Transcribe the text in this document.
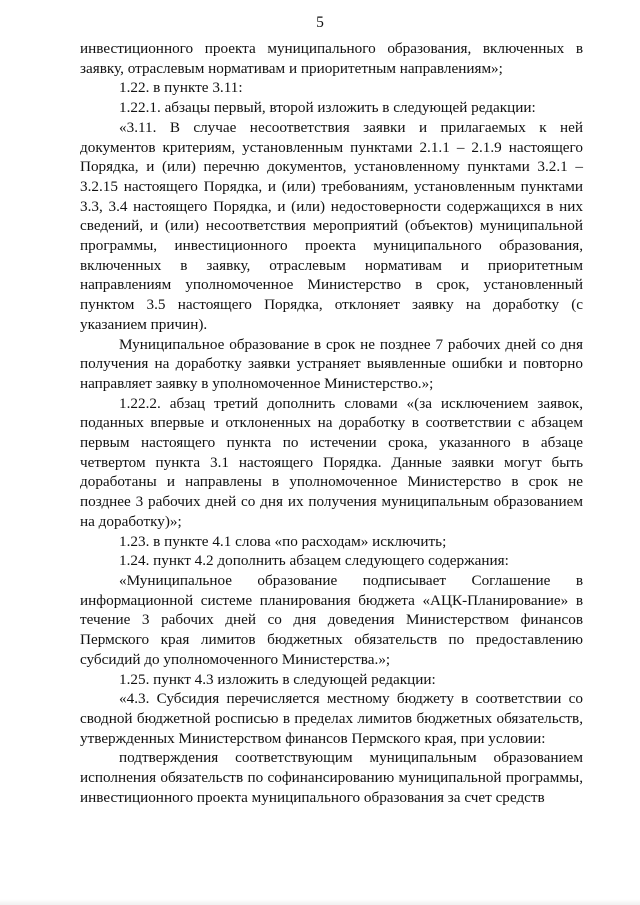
5

инвестиционного проекта муниципального образования, включенных в заявку, отраслевым нормативам и приоритетным направлениям»;

1.22. в пункте 3.11:

1.22.1. абзацы первый, второй изложить в следующей редакции:

«3.11. В случае несоответствия заявки и прилагаемых к ней документов критериям, установленным пунктами 2.1.1 – 2.1.9 настоящего Порядка, и (или) перечню документов, установленному пунктами 3.2.1 – 3.2.15 настоящего Порядка, и (или) требованиям, установленным пунктами 3.3, 3.4 настоящего Порядка, и (или) недостоверности содержащихся в них сведений, и (или) несоответствия мероприятий (объектов) муниципальной программы, инвестиционного проекта муниципального образования, включенных в заявку, отраслевым нормативам и приоритетным направлениям уполномоченное Министерство в срок, установленный пунктом 3.5 настоящего Порядка, отклоняет заявку на доработку (с указанием причин).

Муниципальное образование в срок не позднее 7 рабочих дней со дня получения на доработку заявки устраняет выявленные ошибки и повторно направляет заявку в уполномоченное Министерство.»;

1.22.2. абзац третий дополнить словами «(за исключением заявок, поданных впервые и отклоненных на доработку в соответствии с абзацем первым настоящего пункта по истечении срока, указанного в абзаце четвертом пункта 3.1 настоящего Порядка. Данные заявки могут быть доработаны и направлены в уполномоченное Министерство в срок не позднее 3 рабочих дней со дня их получения муниципальным образованием на доработку)»;

1.23. в пункте 4.1 слова «по расходам» исключить;

1.24. пункт 4.2 дополнить абзацем следующего содержания:

«Муниципальное образование подписывает Соглашение в информационной системе планирования бюджета «АЦК-Планирование» в течение 3 рабочих дней со дня доведения Министерством финансов Пермского края лимитов бюджетных обязательств по предоставлению субсидий до уполномоченного Министерства.»;

1.25. пункт 4.3 изложить в следующей редакции:

«4.3. Субсидия перечисляется местному бюджету в соответствии со сводной бюджетной росписью в пределах лимитов бюджетных обязательств, утвержденных Министерством финансов Пермского края, при условии:

подтверждения соответствующим муниципальным образованием исполнения обязательств по софинансированию муниципальной программы, инвестиционного проекта муниципального образования за счет средств
